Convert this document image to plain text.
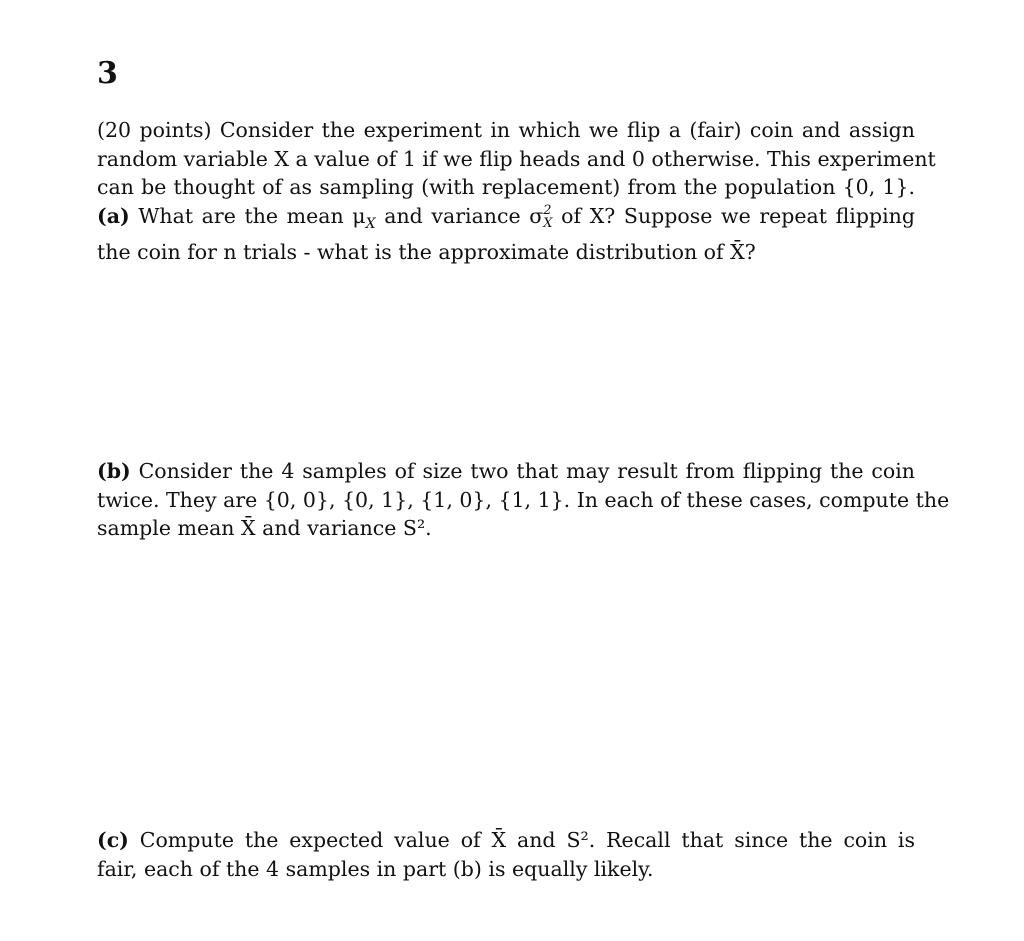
3
(20 points) Consider the experiment in which we flip a (fair) coin and assign
random variable X a value of 1 if we flip heads and 0 otherwise. This experiment
can be thought of as sampling (with replacement) from the population {0, 1}.
(a) What are the mean $\mu_X$ and variance σ 2
X of X? Suppose we repeat flipping
the coin for n trials - what is the approximate distribution of X̄?
(b) Consider the 4 samples of size two that may result from flipping the coin
twice. They are {0, 0}, {0, 1}, {1, 0}, {1, 1}. In each of these cases, compute the
sample mean X̄ and variance S².
(c) Compute the expected value of X̄ and S². Recall that since the coin is
fair, each of the 4 samples in part (b) is equally likely.
